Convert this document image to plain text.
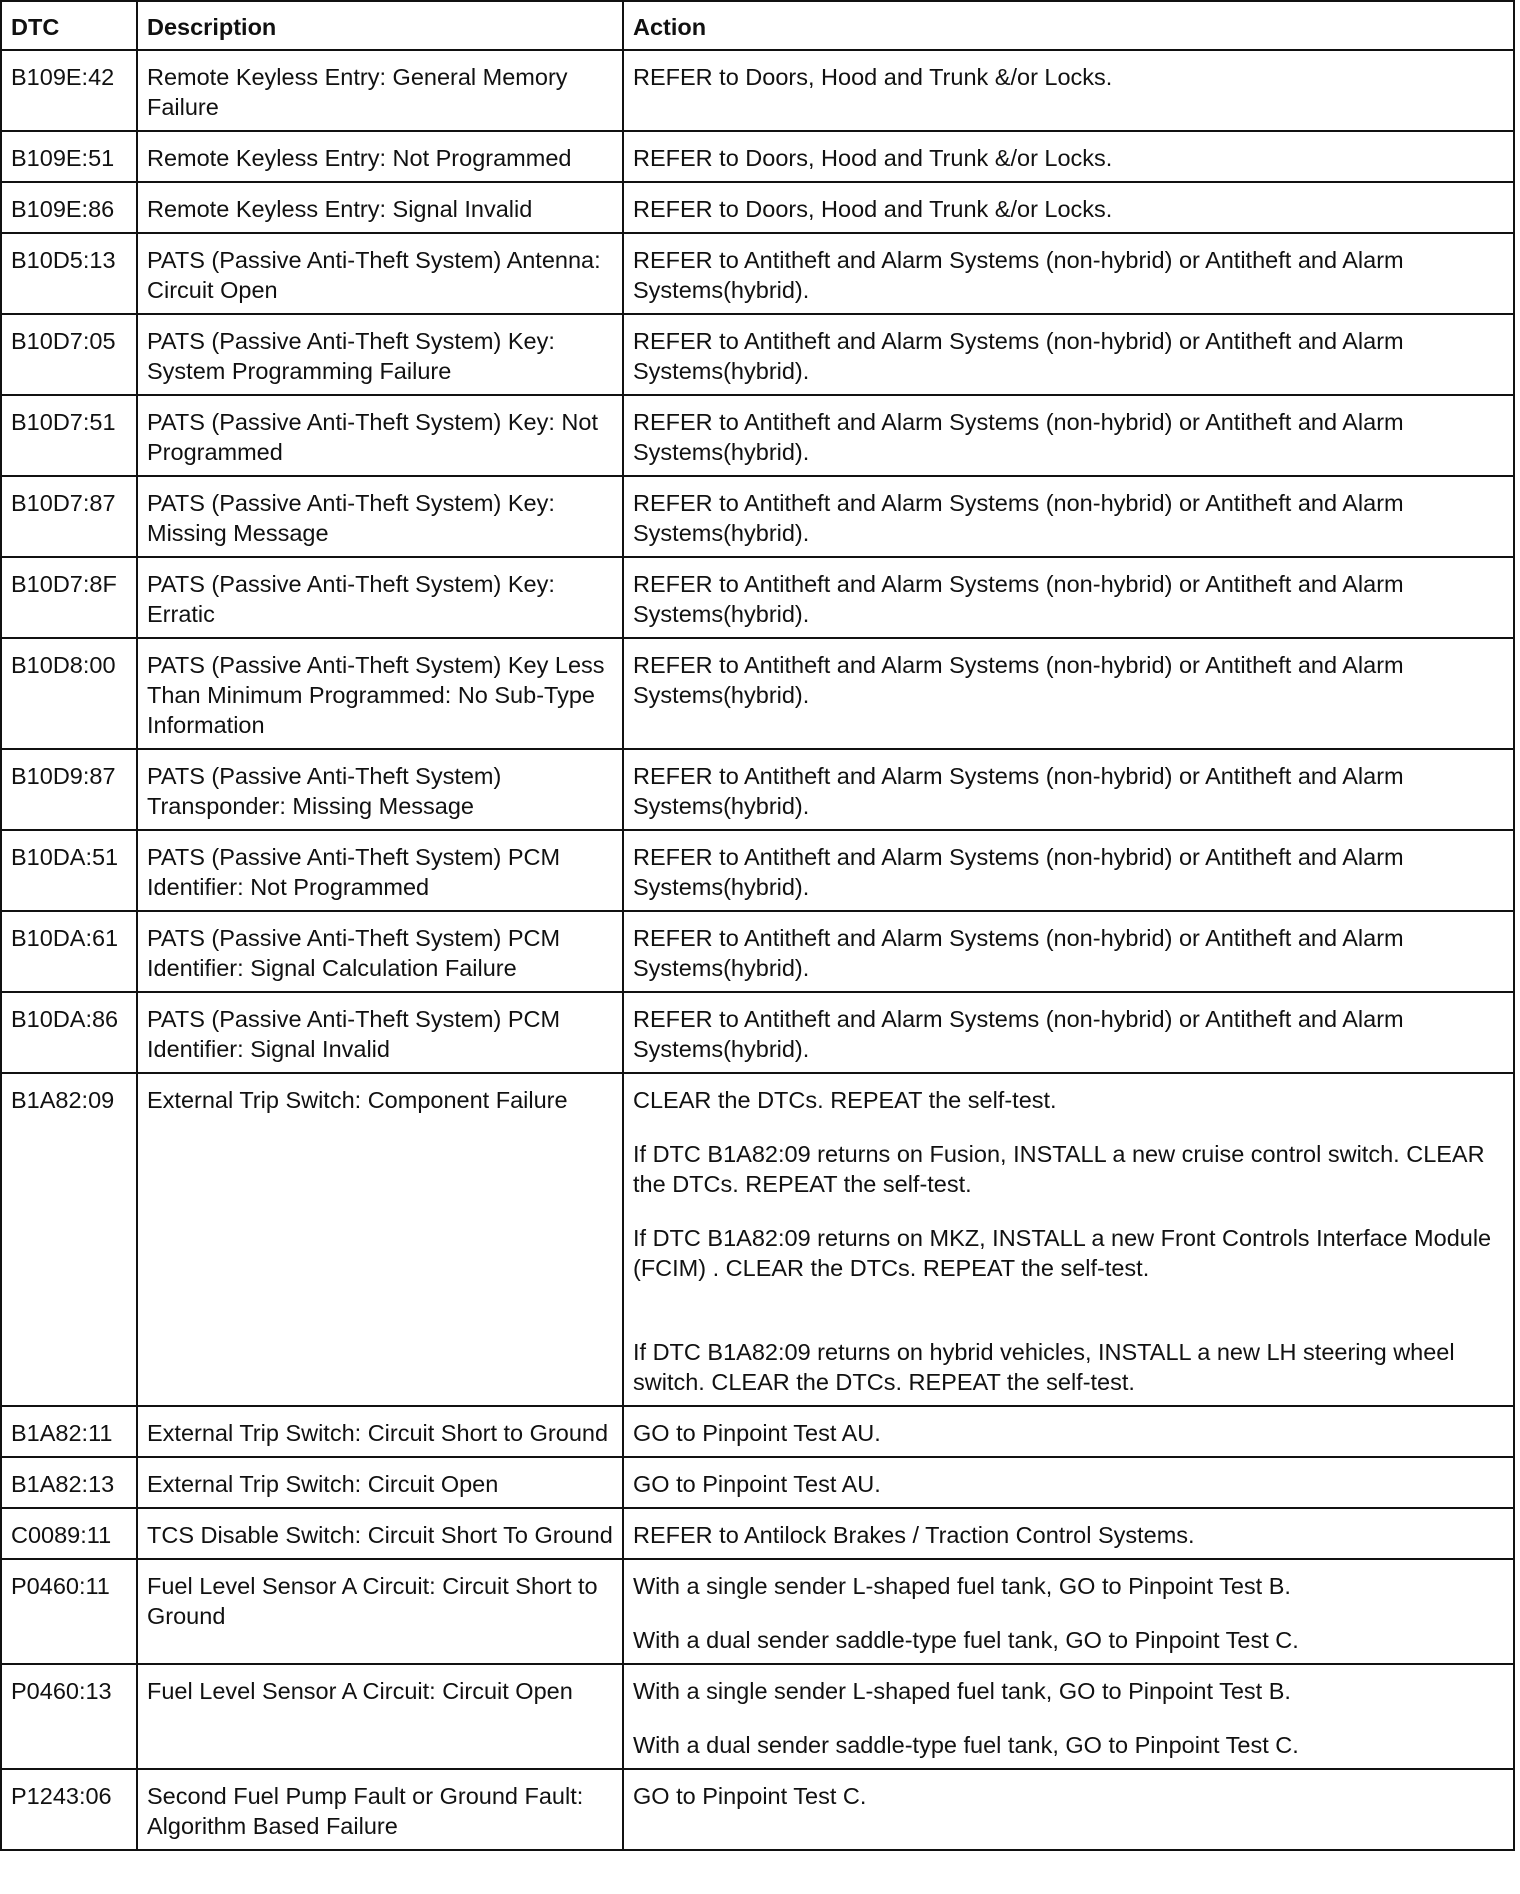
DTC	Description	Action
B109E:42	Remote Keyless Entry: General Memory Failure	REFER to Doors, Hood and Trunk &/or Locks.

B109E:51	Remote Keyless Entry: Not Programmed	REFER to Doors, Hood and Trunk &/or Locks.

B109E:86	Remote Keyless Entry: Signal Invalid	REFER to Doors, Hood and Trunk &/or Locks.

B10D5:13	PATS (Passive Anti-Theft System) Antenna: Circuit Open	REFER to Antitheft and Alarm Systems (non-hybrid) or Antitheft and Alarm Systems(hybrid).

B10D7:05	PATS (Passive Anti-Theft System) Key: System Programming Failure	REFER to Antitheft and Alarm Systems (non-hybrid) or Antitheft and Alarm Systems(hybrid).

B10D7:51	PATS (Passive Anti-Theft System) Key: Not Programmed	REFER to Antitheft and Alarm Systems (non-hybrid) or Antitheft and Alarm Systems(hybrid).

B10D7:87	PATS (Passive Anti-Theft System) Key: Missing Message	REFER to Antitheft and Alarm Systems (non-hybrid) or Antitheft and Alarm Systems(hybrid).

B10D7:8F	PATS (Passive Anti-Theft System) Key: Erratic	REFER to Antitheft and Alarm Systems (non-hybrid) or Antitheft and Alarm Systems(hybrid).

B10D8:00	PATS (Passive Anti-Theft System) Key Less Than Minimum Programmed: No Sub-Type Information	REFER to Antitheft and Alarm Systems (non-hybrid) or Antitheft and Alarm Systems(hybrid).

B10D9:87	PATS (Passive Anti-Theft System) Transponder: Missing Message	REFER to Antitheft and Alarm Systems (non-hybrid) or Antitheft and Alarm Systems(hybrid).

B10DA:51	PATS (Passive Anti-Theft System) PCM Identifier: Not Programmed	REFER to Antitheft and Alarm Systems (non-hybrid) or Antitheft and Alarm Systems(hybrid).

B10DA:61	PATS (Passive Anti-Theft System) PCM Identifier: Signal Calculation Failure	REFER to Antitheft and Alarm Systems (non-hybrid) or Antitheft and Alarm Systems(hybrid).

B10DA:86	PATS (Passive Anti-Theft System) PCM Identifier: Signal Invalid	REFER to Antitheft and Alarm Systems (non-hybrid) or Antitheft and Alarm Systems(hybrid).

B1A82:09	External Trip Switch: Component Failure	CLEAR the DTCs. REPEAT the self-test.
If DTC B1A82:09 returns on Fusion, INSTALL a new cruise control switch. CLEAR the DTCs. REPEAT the self-test.
If DTC B1A82:09 returns on MKZ, INSTALL a new Front Controls Interface Module (FCIM) . CLEAR the DTCs. REPEAT the self-test.
If DTC B1A82:09 returns on hybrid vehicles, INSTALL a new LH steering wheel switch. CLEAR the DTCs. REPEAT the self-test.

B1A82:11	External Trip Switch: Circuit Short to Ground	GO to Pinpoint Test AU.

B1A82:13	External Trip Switch: Circuit Open	GO to Pinpoint Test AU.

C0089:11	TCS Disable Switch: Circuit Short To Ground	REFER to Antilock Brakes / Traction Control Systems.

P0460:11	Fuel Level Sensor A Circuit: Circuit Short to Ground	With a single sender L-shaped fuel tank, GO to Pinpoint Test B.
With a dual sender saddle-type fuel tank, GO to Pinpoint Test C.

P0460:13	Fuel Level Sensor A Circuit: Circuit Open	With a single sender L-shaped fuel tank, GO to Pinpoint Test B.
With a dual sender saddle-type fuel tank, GO to Pinpoint Test C.

P1243:06	Second Fuel Pump Fault or Ground Fault: Algorithm Based Failure	GO to Pinpoint Test C.
